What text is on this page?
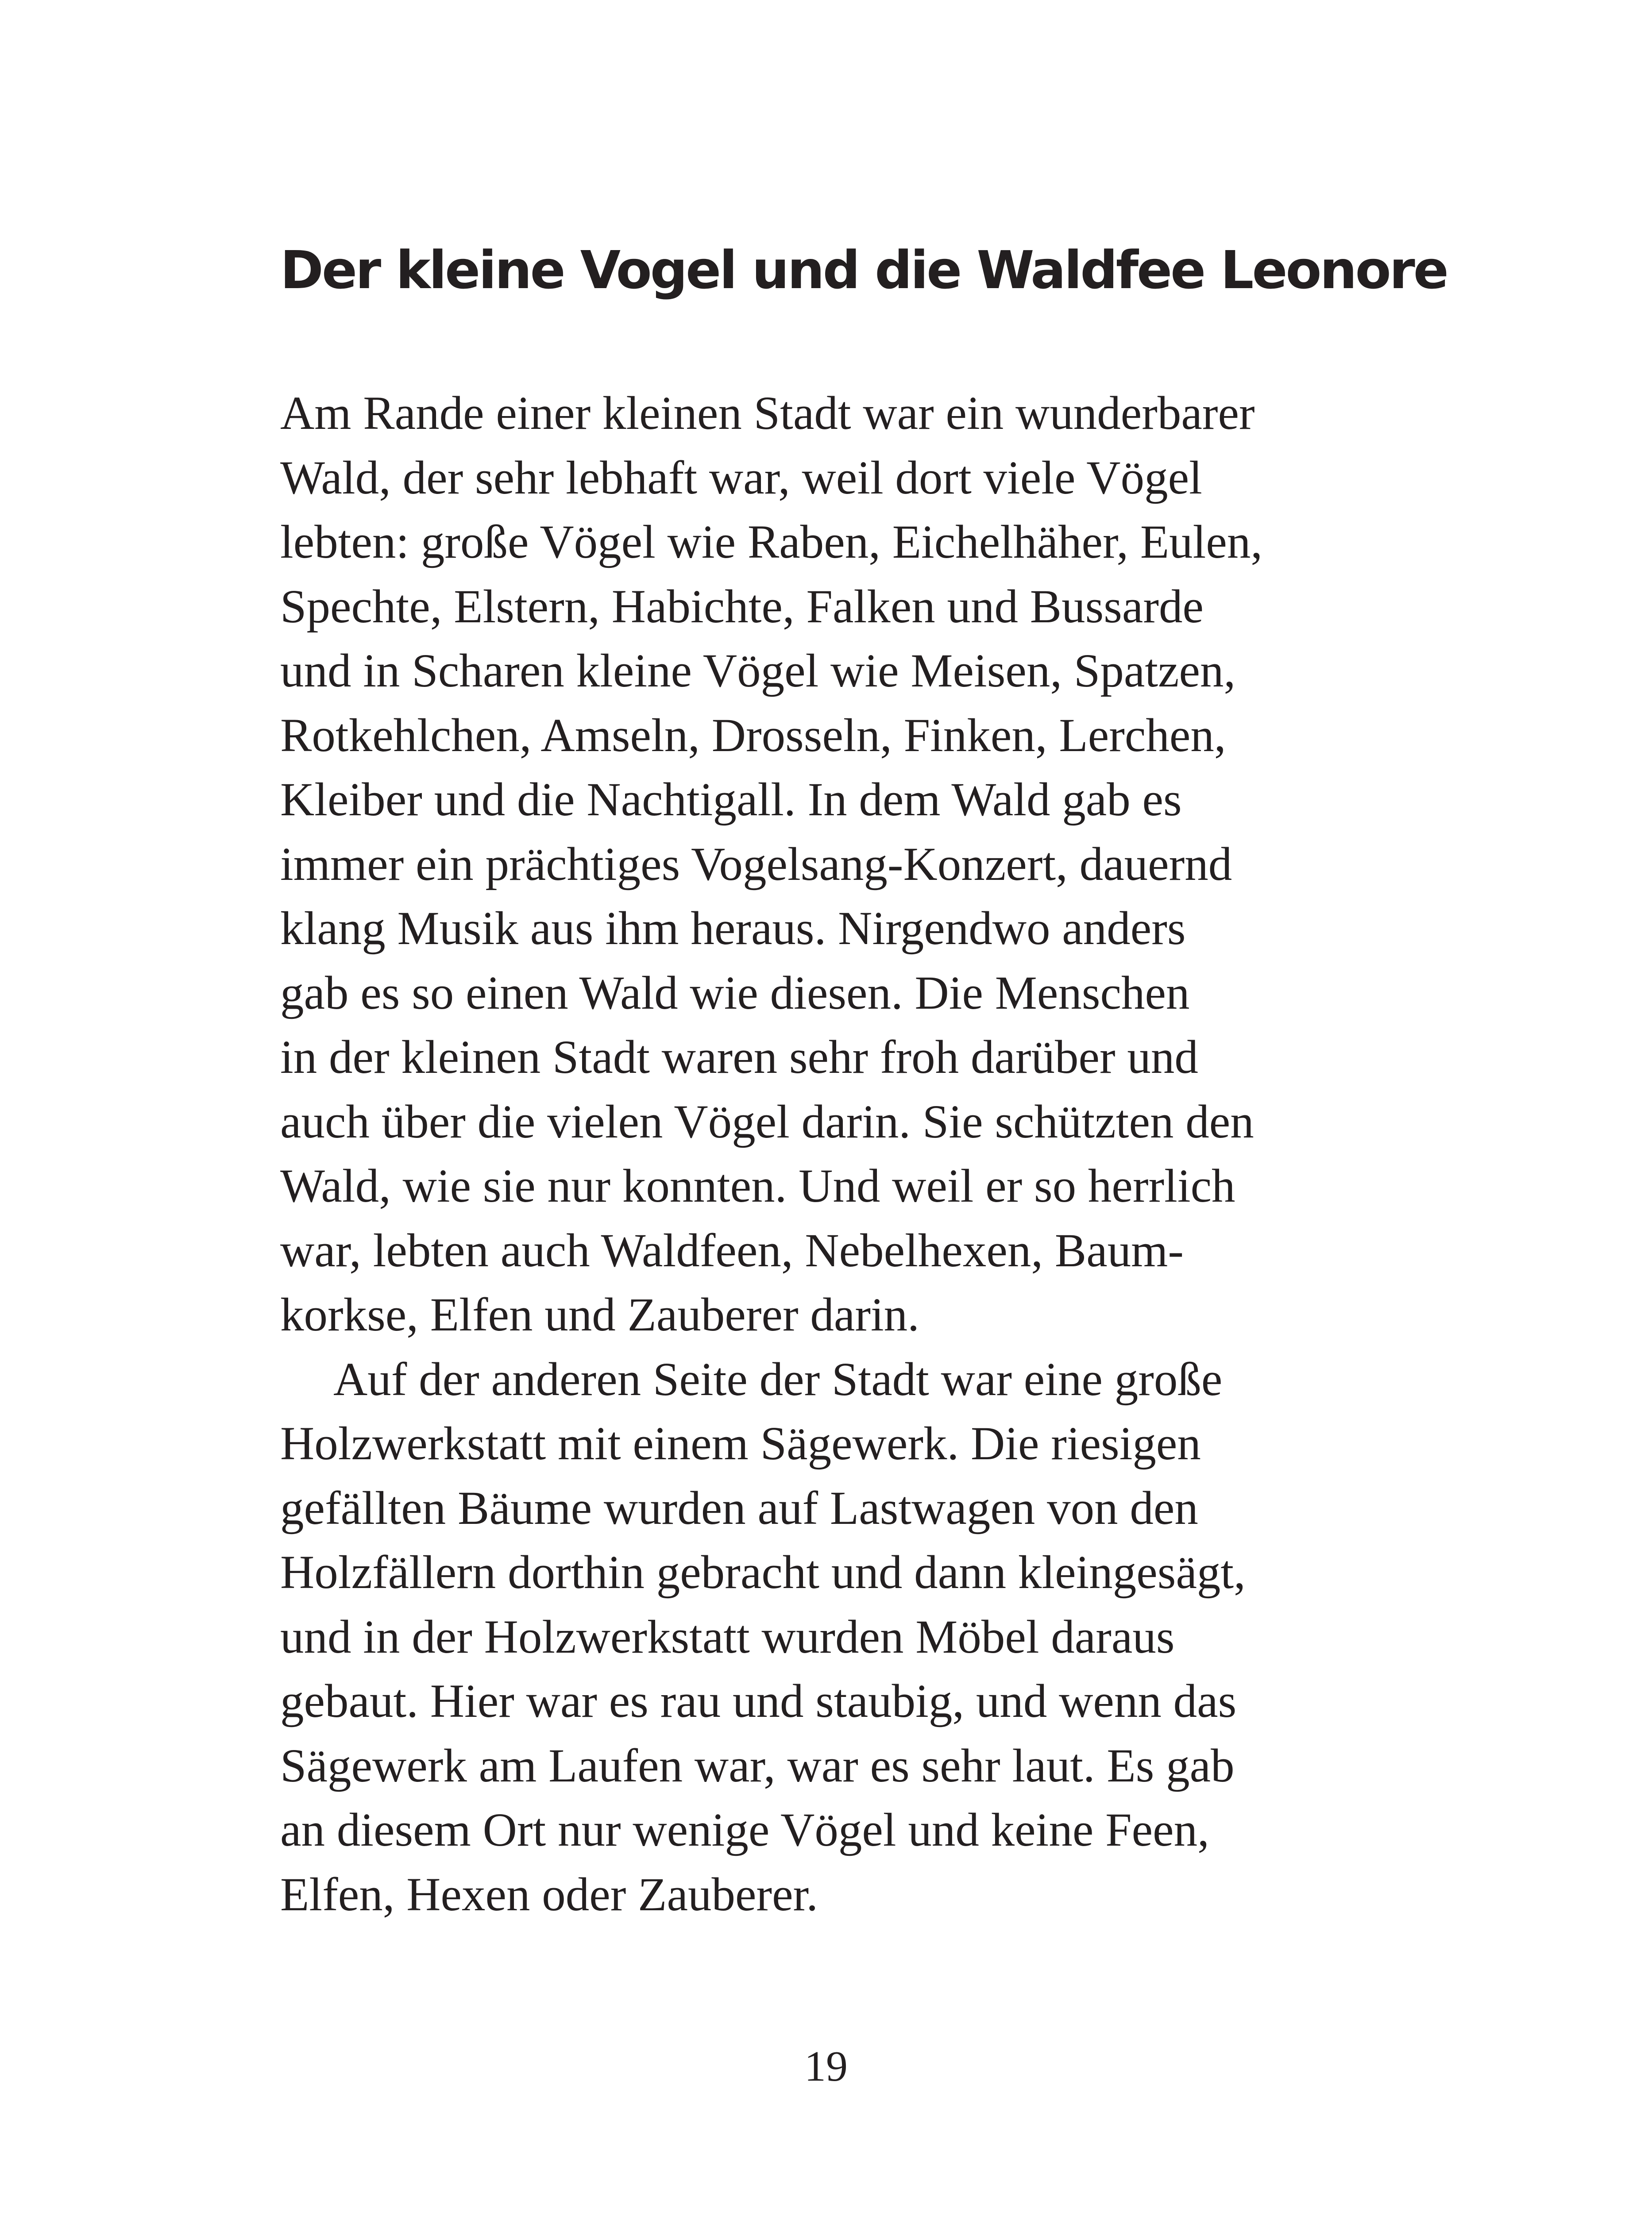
Der kleine Vogel und die Waldfee Leonore
Am Rande einer kleinen Stadt war ein wunderbarer
Wald, der sehr lebhaft war, weil dort viele Vögel
lebten: große Vögel wie Raben, Eichelhäher, Eulen,
Spechte, Elstern, Habichte, Falken und Bussarde
und in Scharen kleine Vögel wie Meisen, Spatzen,
Rotkehlchen, Amseln, Drosseln, Finken, Lerchen,
Kleiber und die Nachtigall. In dem Wald gab es
immer ein prächtiges Vogelsang-Konzert, dauernd
klang Musik aus ihm heraus. Nirgendwo anders
gab es so einen Wald wie diesen. Die Menschen
in der kleinen Stadt waren sehr froh darüber und
auch über die vielen Vögel darin. Sie schützten den
Wald, wie sie nur konnten. Und weil er so herrlich
war, lebten auch Waldfeen, Nebelhexen, Baum-
korkse, Elfen und Zauberer darin.
Auf der anderen Seite der Stadt war eine große
Holzwerkstatt mit einem Sägewerk. Die riesigen
gefällten Bäume wurden auf Lastwagen von den
Holzfällern dorthin gebracht und dann kleingesägt,
und in der Holzwerkstatt wurden Möbel daraus
gebaut. Hier war es rau und staubig, und wenn das
Sägewerk am Laufen war, war es sehr laut. Es gab
an diesem Ort nur wenige Vögel und keine Feen,
Elfen, Hexen oder Zauberer.
19
